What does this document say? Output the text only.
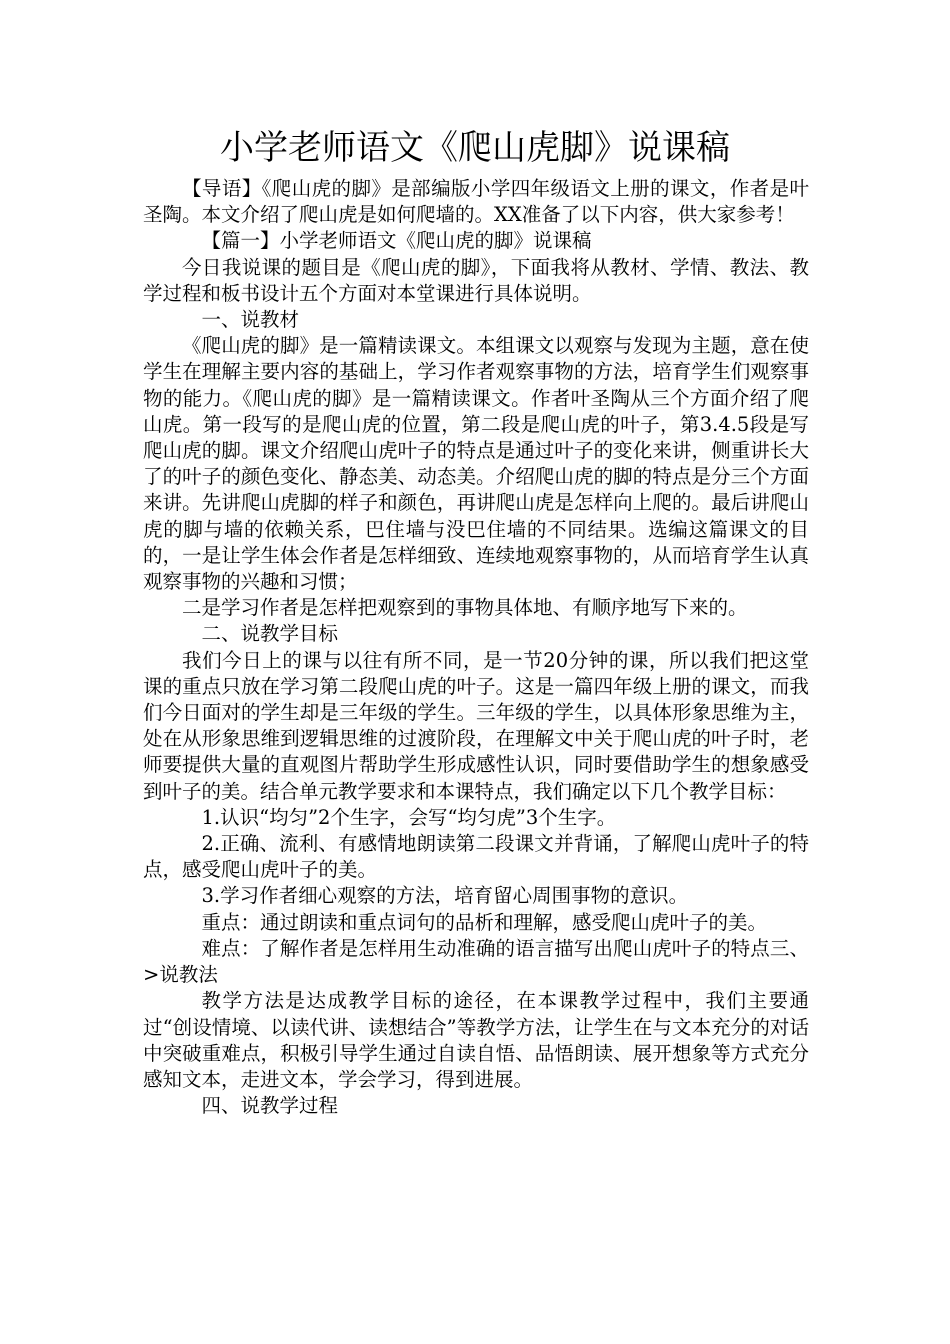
小学老师语文《爬山虎脚》说课稿

【导语】《爬山虎的脚》是部编版小学四年级语文上册的课文，作者是叶圣陶。本文介绍了爬山虎是如何爬墙的。XX准备了以下内容，供大家参考！

【篇一】小学老师语文《爬山虎的脚》说课稿

今日我说课的题目是《爬山虎的脚》，下面我将从教材、学情、教法、教学过程和板书设计五个方面对本堂课进行具体说明。

一、说教材

《爬山虎的脚》是一篇精读课文。本组课文以观察与发现为主题，意在使学生在理解主要内容的基础上，学习作者观察事物的方法，培育学生们观察事物的能力。《爬山虎的脚》是一篇精读课文。作者叶圣陶从三个方面介绍了爬山虎。第一段写的是爬山虎的位置，第二段是爬山虎的叶子，第3.4.5段是写爬山虎的脚。课文介绍爬山虎叶子的特点是通过叶子的变化来讲，侧重讲长大了的叶子的颜色变化、静态美、动态美。介绍爬山虎的脚的特点是分三个方面来讲。先讲爬山虎脚的样子和颜色，再讲爬山虎是怎样向上爬的。最后讲爬山虎的脚与墙的依赖关系，巴住墙与没巴住墙的不同结果。选编这篇课文的目的，一是让学生体会作者是怎样细致、连续地观察事物的，从而培育学生认真观察事物的兴趣和习惯；

二是学习作者是怎样把观察到的事物具体地、有顺序地写下来的。

二、说教学目标

我们今日上的课与以往有所不同，是一节20分钟的课，所以我们把这堂课的重点只放在学习第二段爬山虎的叶子。这是一篇四年级上册的课文，而我们今日面对的学生却是三年级的学生。三年级的学生，以具体形象思维为主，处在从形象思维到逻辑思维的过渡阶段，在理解文中关于爬山虎的叶子时，老师要提供大量的直观图片帮助学生形成感性认识，同时要借助学生的想象感受到叶子的美。结合单元教学要求和本课特点，我们确定以下几个教学目标：

1.认识“均匀”2个生字，会写“均匀虎”3个生字。

2.正确、流利、有感情地朗读第二段课文并背诵，了解爬山虎叶子的特点，感受爬山虎叶子的美。

3.学习作者细心观察的方法，培育留心周围事物的意识。

重点：通过朗读和重点词句的品析和理解，感受爬山虎叶子的美。

难点：了解作者是怎样用生动准确的语言描写出爬山虎叶子的特点三、>说教法

教学方法是达成教学目标的途径，在本课教学过程中，我们主要通过“创设情境、以读代讲、读想结合”等教学方法，让学生在与文本充分的对话中突破重难点，积极引导学生通过自读自悟、品悟朗读、展开想象等方式充分感知文本，走进文本，学会学习，得到进展。

四、说教学过程
